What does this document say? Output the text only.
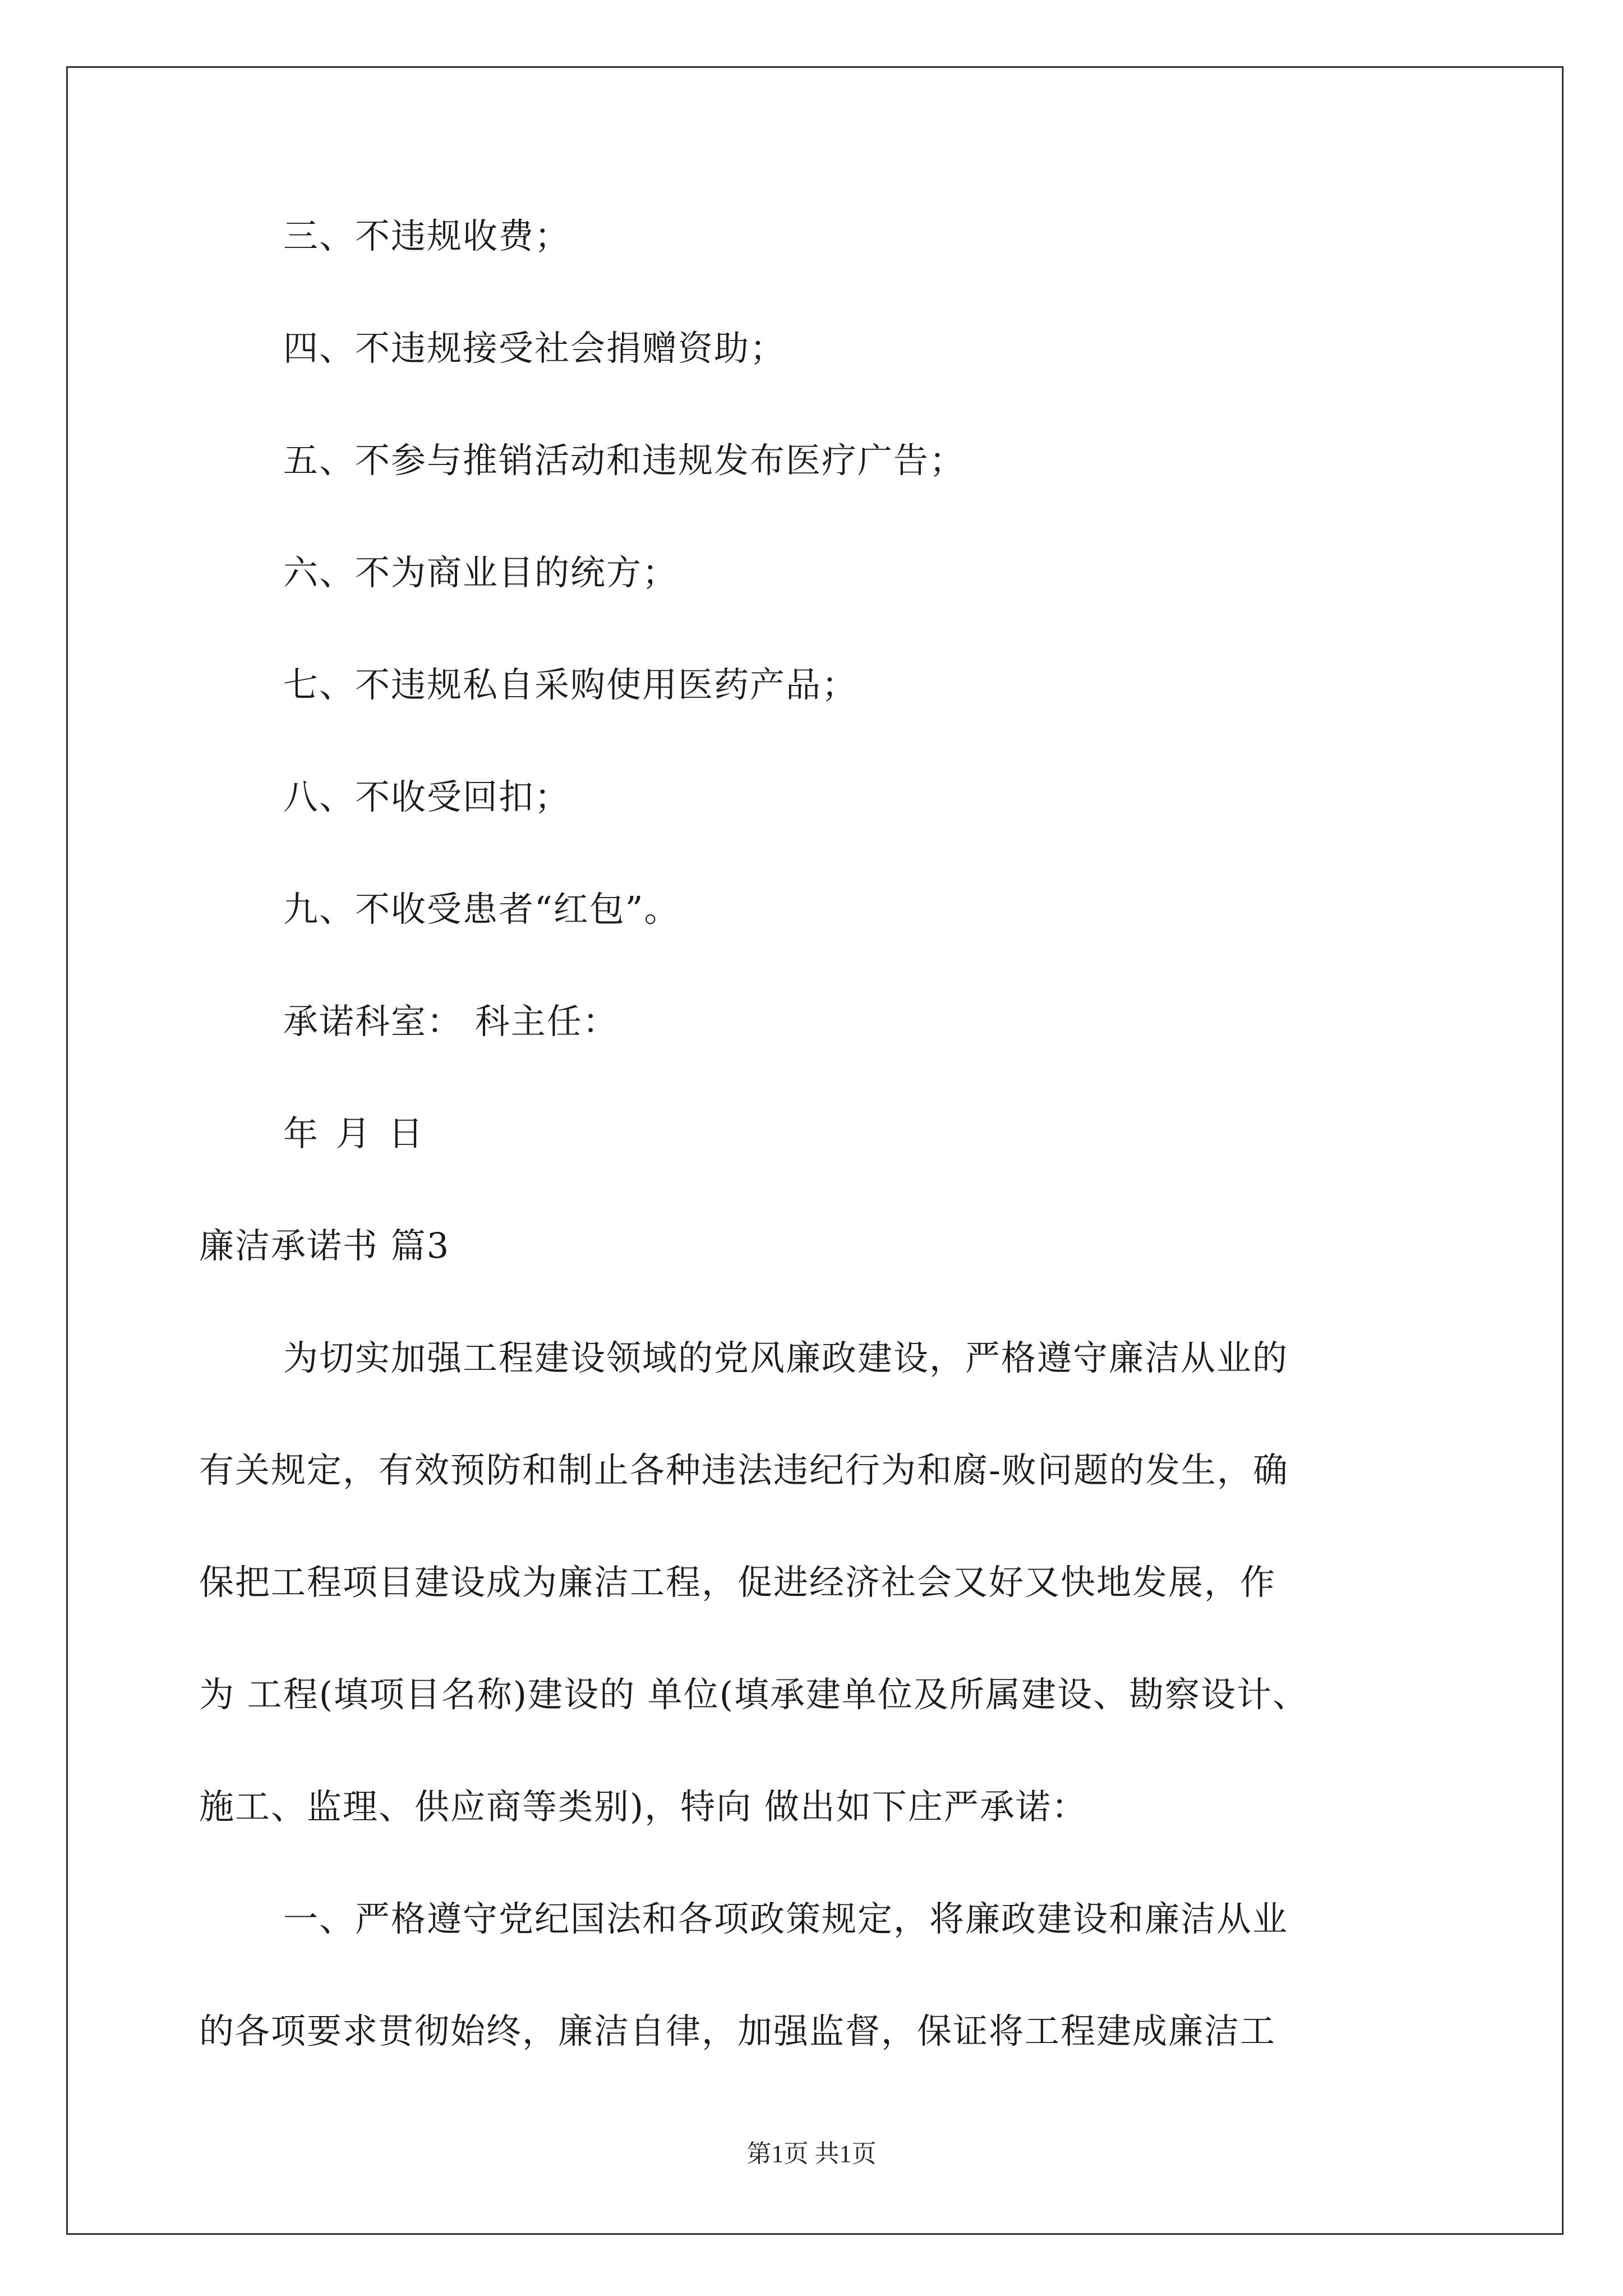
三、不违规收费；
四、不违规接受社会捐赠资助；
五、不参与推销活动和违规发布医疗广告；
六、不为商业目的统方；
七、不违规私自采购使用医药产品；
八、不收受回扣；
九、不收受患者“红包”。
承诺科室： 科主任：
年 月 日
廉洁承诺书 篇3
为切实加强工程建设领域的党风廉政建设，严格遵守廉洁从业的
有关规定，有效预防和制止各种违法违纪行为和腐-败问题的发生，确
保把工程项目建设成为廉洁工程，促进经济社会又好又快地发展，作
为 工程(填项目名称)建设的 单位(填承建单位及所属建设、勘察设计、
施工、监理、供应商等类别)，特向 做出如下庄严承诺：
一、严格遵守党纪国法和各项政策规定，将廉政建设和廉洁从业
的各项要求贯彻始终，廉洁自律，加强监督，保证将工程建成廉洁工
第1页 共1页
